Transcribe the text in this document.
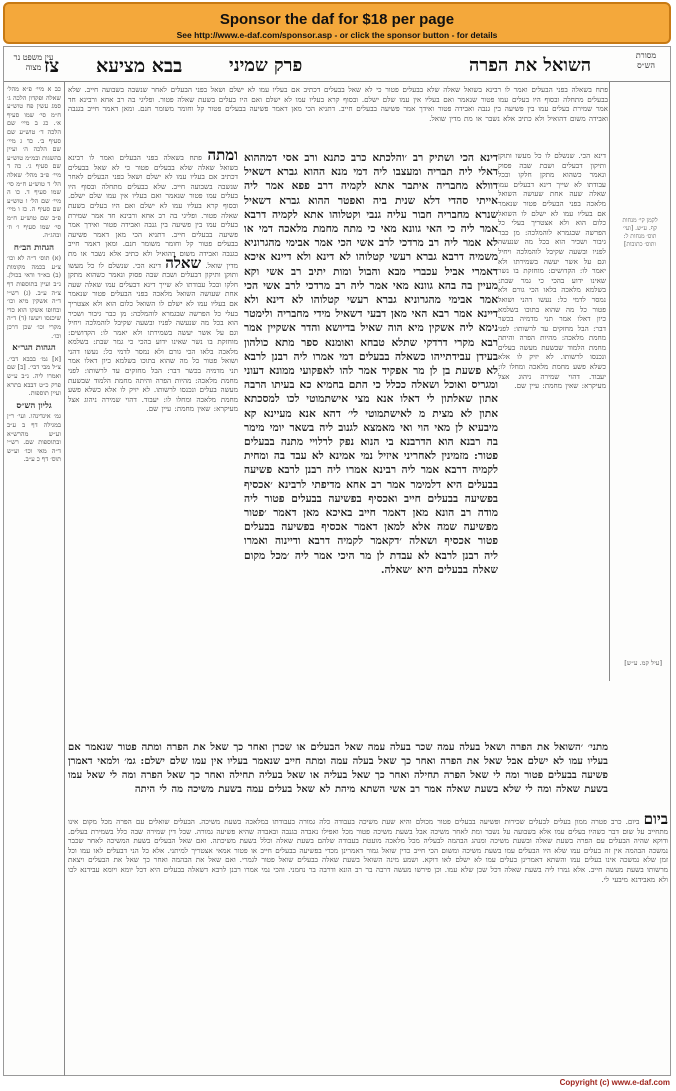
Sponsor the daf for $18 per page
See http://www.e-daf.com/sponsor.asp - or click the sponsor button - for details
עין משפט נר מצוה צז בבא מציעא	פרק שמיני	השואל את הפרה	מסורת הש״ס
לקמן קי׳ מנחות קף. ע״ש. [ועי׳ תוס׳ מנחות ל: ותוס׳ כתובות]
[עיל קמ. ע״ש]
כב א מיי׳ פ״א מהל׳ שאלה ופקדון הלכה ג׳ סמג עשין פח טוש״ע ח״מ סי׳ שמו סעיף א׳. כג ב מיי׳ שם הלכה ד׳ טוש״ע שם סעיף ב׳. כד ג מיי׳ שם הלכה ה׳ ועיין בהשגות ובמ״מ טוש״ע שם סעיף ג׳. כה ד מיי׳ פ״ב מהל׳ שאלה הל׳ ד טוש״ע ח״מ סי׳ שמו סעיף ד. כו ה מיי׳ שם הל׳ ו טוש״ע שם סעיף ה. כז ו מיי׳ פ״ב שם טוש״ע ח״מ סי׳ שמו סעיף ו׳ וז׳ ובהג״ה.
הגהות הב״ח
(א) תוס׳ ד״ה לא וכו׳ צ״ע בכמה מקומות (ב) בא״ד ודאי בכולן. נ״ב ועיין בתוספות דף צ״ה ע״ב. (ג) רש״י ד״ה אשקין מיא וכו׳ ובחופו אשקו הוא כדי שיכנסו ויעשו (ד) ד״ה מקרי וכו׳ שכן דרכן וכו׳.
הגהות הגר״א
[א] גמ׳ בבבא דבי׳. צ״ל מבי דבי׳. [ב] שם ואמרו ליה. נ״ב ע״ש פרק כ״ט דבבא בתרא ועיין תוספות.
גליון הש״ס
גמ׳ אינדינהו. ועי׳ ר״ן במגילה דף ב ע״ב וע״ש מהרש״א ובתוספות שם. רש״י ד״ה מאי וכו׳ וע״ש תוס׳ דף כ ע״ב.
דינא הכי. שנשלם לו כל מעשו ותוקן ותיקון דבעלים ושבת שבה פסוק ונאמר כשהוא מתקן חלקו ובכל עבודתו לא שייך דינא דבעלים עמו שאלה שעה אחת שעושה השואל מלאכה בפני הבעלים פטור שנאמר אם בעליו עמו לא ישלם לו השואל כלום הוא ולא אצטריך בעלי כל הפרשה שבגמרא לוהמלכה: מן כבר גיבור ושכיר הוא בכל מה שנעשה לפניו ובשעה שקיבל לוהמלכה ויחיל וגם על אשר יעשה בשמירתו ולא יאמר לו: הקדושים: מוחזקת בו נשר שאינו ידוע בהכי כי גמר שבת: בשלמא מלאכה בלאו הכי גורם ולא נמסר לדמי כל: נעשו דהני ושואל פטור כל מה שהוא בתוכו בשלמא כיון דאלו אמר תני מדמיה בכשר דבר: הבל מחזקים עד לרשותו: לפני מחמת מלאכה: מהיות הפרה והיתה מחמת הלמוד שבשעת מעשה בעלים ונכנסו לרשותו. לא יזיק לו אלא כשלא פשע מחמת מלאכה ומחלו לו: יעבוד. דהוי שמירה ניהוג אצל מעיקרא: שאין מחמת: עיין שם.
פתח בשאלה בפני הבעלים ואמר לו רבינא בשואל שאלה שלא בבעלים פטור כי לא שאל בבעלים דכתיב אם בעליו עמו לא ישלם ושאל בפני הבעלים לאחר שנשבה בשבועה חייב. שלא בבעלים מתחלה ובסוף היו בעלים עמו פטור שנאמר ואם בעליו אין עמו שלם ישלם. ובסוף קרא בעליו עמו לא ישלם ואם היו בעלים בשעת שאלה פטור. ופליגי בה רב אחא ורבינא חד אמר שמירת בעלים עמו בין פשיעה בין גנבה ואבידה פטור ואידך אמר פשיעה בבעלים חייב. דתניא הכי מאן דאמר פשיעה בבעלים פטור קל וחומר משומר חנם. ומאן דאמר חייב בגנבה ואבידה משום דהואיל ולא כתיב אלא נשבר או מת מדין שואל.
ומתה פתח בשאלה בפני הבעלים ואמר לו רבינא בשואל שאלה שלא בבעלים פטור כי לא שאל בבעלים דכתיב אם בעליו עמו לא ישלם ושאל בפני הבעלים לאחר שנשבה בשבועה חייב. שלא בבעלים מתחלה ובסוף היו בעלים עמו פטור שנאמר ואם בעליו אין עמו שלם ישלם. ובסוף קרא בעליו עמו לא ישלם ואם היו בעלים בשעת שאלה פטור. ופליגי בה רב אחא ורבינא חד אמר שמירת בעלים עמו בין פשיעה בין גנבה ואבידה פטור ואידך אמר פשיעה בבעלים חייב. דתניא הכי מאן דאמר פשיעה בבעלים פטור קל וחומר משומר חנם. ומאן דאמר חייב בגנבה ואבידה משום דהואיל ולא כתיב אלא נשבר או מת מדין שואל. שאלה דינא הכי. שנשלם לו כל מעשו ותוקן ותיקון דבעלים ושבת שבה פסוק ונאמר כשהוא מתקן חלקו ובכל עבודתו לא שייך דינא דבעלים עמו שאלה שעה אחת שעושה השואל מלאכה בפני הבעלים פטור שנאמר אם בעליו עמו לא ישלם לו השואל כלום הוא ולא אצטריך בעלי כל הפרשה שבגמרא לוהמלכה: מן כבר גיבור ושכיר הוא בכל מה שנעשה לפניו ובשעה שקיבל לוהמלכה ויחיל וגם על אשר יעשה בשמירתו ולא יאמר לו: הקדושים: מוחזקת בו נשר שאינו ידוע בהכי כי גמר שבת: בשלמא מלאכה בלאו הכי גורם ולא נמסר לדמי כל: נעשו דהני ושואל פטור כל מה שהוא בתוכו בשלמא כיון דאלו אמר תני מדמיה בכשר דבר: הבל מחזקים עד לרשותו: לפני מחמת מלאכה: מהיות הפרה והיתה מחמת הלמוד שבשעת מעשה בעלים ונכנסו לרשותו. לא יזיק לו אלא כשלא פשע מחמת מלאכה ומחלו לו: יעבוד. דהוי שמירה ניהוג אצל מעיקרא: שאין מחמת: עיין שם.
דינא הכי ושתיק רב ׳והלכתא כרב כתנא ורב אסי דמההוא דאלי ליה תבריה ומעצבו ליה דמי מנא ההוא גברא דשאיל דוולא מחבריה איתבר אתא לקמיה דרב פפא אמר ליה אייתי סהדי דלא שנית ביה ואפטר ההוא גברא דשאיל שנרא מחבריה חבור עליה גנבי וקטלוהו אתא לקמיה דרבא אמר ליה כי האי גוונא מאי כי מתה מחמת מלאכה דמי או לא אמר ליה רב מרדכי לרב אשי הכי אמר אבימי מהגרוניא משמיה דרבא גברא רעשי קטלוהו לא דינא ולא דיינא איכא דאמרי אביל עכברי מבא והבול ומות יתיב רב אשי וקא מעיין בה בהא גוונא מאי אמר ליה רב מרדכי לרב אשי הכי אמר אבימי מהגרוניא גברא רעשי קטלוהו לא דינא ולא דיינא אמר רבא האי מאן דבעי דשאיל מידי מחבריה ולימטר נימא ליה אשקין מיא הוה שאיל בדיושא והדר אשקיין אמר רבא מקרי דרדקי שתלא טבחא ואומנא ספר מתא כולהון בעידן עבידתייהו כשאלה בבעלים דמי אמרו ליה רבנן לרבא לא פשעת בן לן מר אפקיד אמר להו לאפקועי ממונא דעוני ומגריס ואוכל ושאלה ככלל כי התם בחמיא כא בעיתו הרבה אתון שאלתון לי דאלו אנא מצי אישתמוטי לכו למסכתא אתון לא מצית מ לאישתמוטי לי׳ דהא אנא מעיינא קא מיבעיא לן מאי הוי ואי מאמצא לגנוב ליה בשאר יומי מימר בה רבנא הוא הדרבנא בי הנוא נפק לרלויי מתנה בבעלים פטור: מזמינין לאחריני איזיל נמי אמינא לא עבד בה ומחית לקמיה דרבא אמר ליה רבינא אמרו ליה רבנן לרבא פשיעה בבעלים היא דלמימר אמר רב אחא מדיפתי לרבינא ׳אכסיף בפשיעה בבעלים חייב ואכסיף בפשיעה בבעלים פטור ליה מודה רב הונא מאן דאמר חייב באיכא מאן דאמר ׳פטור מפשיעה שמה אלא למאן דאמר אכסיף בפשיעה בבעלים פטור אכסיף ושאלה ׳דקאמר לקמיה דרבא ודיינוה ואמרו ליה רבנן לרבא לא עבדת לן מר היכי אמר ליה ׳מכל מקום שאלה בבעלים היא ׳שאלה.
מתני׳ ׳השואל את הפרה ושאל בעלה עמה שכר בעלה עמה שאל הבעלים או שכרן ואחר כך שאל את הפרה ומתה פטור שנאמר אם בעליו עמו לא ישלם אבל שאל את הפרה ואחר כך שאל בעלה עמה ומתה חייב שנאמר בעליו אין עמו שלם ישלם: גמ׳ ולמאי דאמרן פשיעה בבעלים פטור ומה לי שאל הפרה תחילה ואחר כך שאל בעליה או שאל בעליה תחילה ואחר כך שאל הפרה ומה לי שאל עמו בשעת שאלה ומה לי שלא בשעת שאלה אמר רב אשי השתא מיהת לא שאל בעלים עמה בשעת משיכה מה לי היתה
ביום ביום. כרב פטרה ממון בעלים לבעלים שכירות ופשיעה בבעלים פטור מכולם והיא שעת משיכה בעבודה כלה גמורה בעבודתו במלאכה בשעת משיכה. הבעלים שואלים עם הפרה מכל מקום אינו מתחייב על שום דבר כשהיו בעלים עמו אלא בשבועה על נשבר ומת לאחר משיכה אבל בשעת משיכה פטור מכל ואפילו נאבדה בגנבה ובאבדה שהיא פשיעה גמורה. שכל דין שמירה שבה כלל בשמירת בעלים. ודוקא שהיה הבעלים עם הפרה בשעת שאלה ובשעת משיכה ומנהג הבהמה לבעליה מכל מלאכה מועטת בעבודה שלהם בשעת שאלה וכלל בשעת משיכתה. ואם שאל הבעלים בשעת המשיכה לאחר שכבר נמשכה הבהמה אין זה בעלים עמו שלא היו הבעלים עמו בשעת משיכה ומשום הכי חייב כדין שואל גמור דאמרינן מכדי בפשיעה בבעלים חייב או פטור אמאי אצטריך למיתני. אלא כל הני דבעלים לאו עמו וכל זמן שלא נמשכה אינו בעלים עמו והשתא דאמרינן בעלים עמו לא ישלם לאו דוקא. ושמע מינה השואל בשעת שאלה בבעלים שואל פטור לגמרי. ואם שאל את הבהמה ואחר כך שאל את הבעלים ויצאת מרשותו בשעת מעשה חייב. אלא גמרו ליה בשעת שאלה דכל שכן שלא עמו. וכן פירשו מעשה דרבה בר רב הונא ודרבה בר נחמני. והכי נמי אמרו רבנן לרבא דשאלה בבעלים היא דכל יומא ויומא עבידנא לכו ולא מאבידנא מיבעי לי.
Copyright (c) www.e-daf.com
